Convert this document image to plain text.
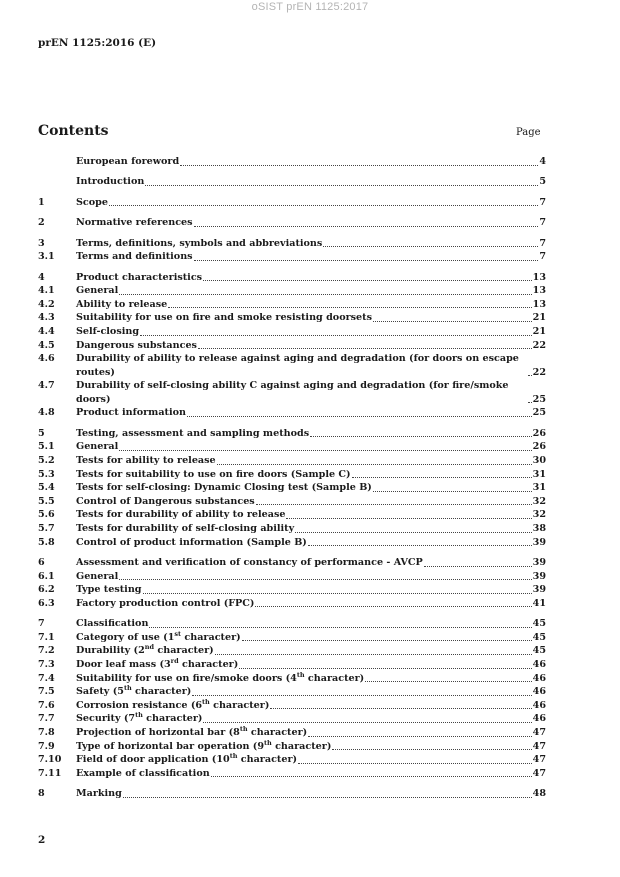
oSIST prEN 1125:2017
prEN 1125:2016 (E)
Contents	Page
European foreword	4
Introduction	5
1	Scope	7
2	Normative references	7
3	Terms, definitions, symbols and abbreviations	7
3.1	Terms and definitions	7
4	Product characteristics	13
4.1	General	13
4.2	Ability to release	13
4.3	Suitability for use on fire and smoke resisting doorsets	21
4.4	Self-closing	21
4.5	Dangerous substances	22
4.6	Durability of ability to release against aging and degradation (for doors on escape routes)	22
4.7	Durability of self-closing ability C against aging and degradation (for fire/smoke doors)	25
4.8	Product information	25
5	Testing, assessment and sampling methods	26
5.1	General	26
5.2	Tests for ability to release	30
5.3	Tests for suitability to use on fire doors (Sample C)	31
5.4	Tests for self-closing: Dynamic Closing test (Sample B)	31
5.5	Control of Dangerous substances	32
5.6	Tests for durability of ability to release	32
5.7	Tests for durability of self-closing ability	38
5.8	Control of product information (Sample B)	39
6	Assessment and verification of constancy of performance - AVCP	39
6.1	General	39
6.2	Type testing	39
6.3	Factory production control (FPC)	41
7	Classification	45
7.1	Category of use (1st character)	45
7.2	Durability (2nd character)	45
7.3	Door leaf mass (3rd character)	46
7.4	Suitability for use on fire/smoke doors (4th character)	46
7.5	Safety (5th character)	46
7.6	Corrosion resistance (6th character)	46
7.7	Security (7th character)	46
7.8	Projection of horizontal bar (8th character)	47
7.9	Type of horizontal bar operation (9th character)	47
7.10	Field of door application (10th character)	47
7.11	Example of classification	47
8	Marking	48
2
